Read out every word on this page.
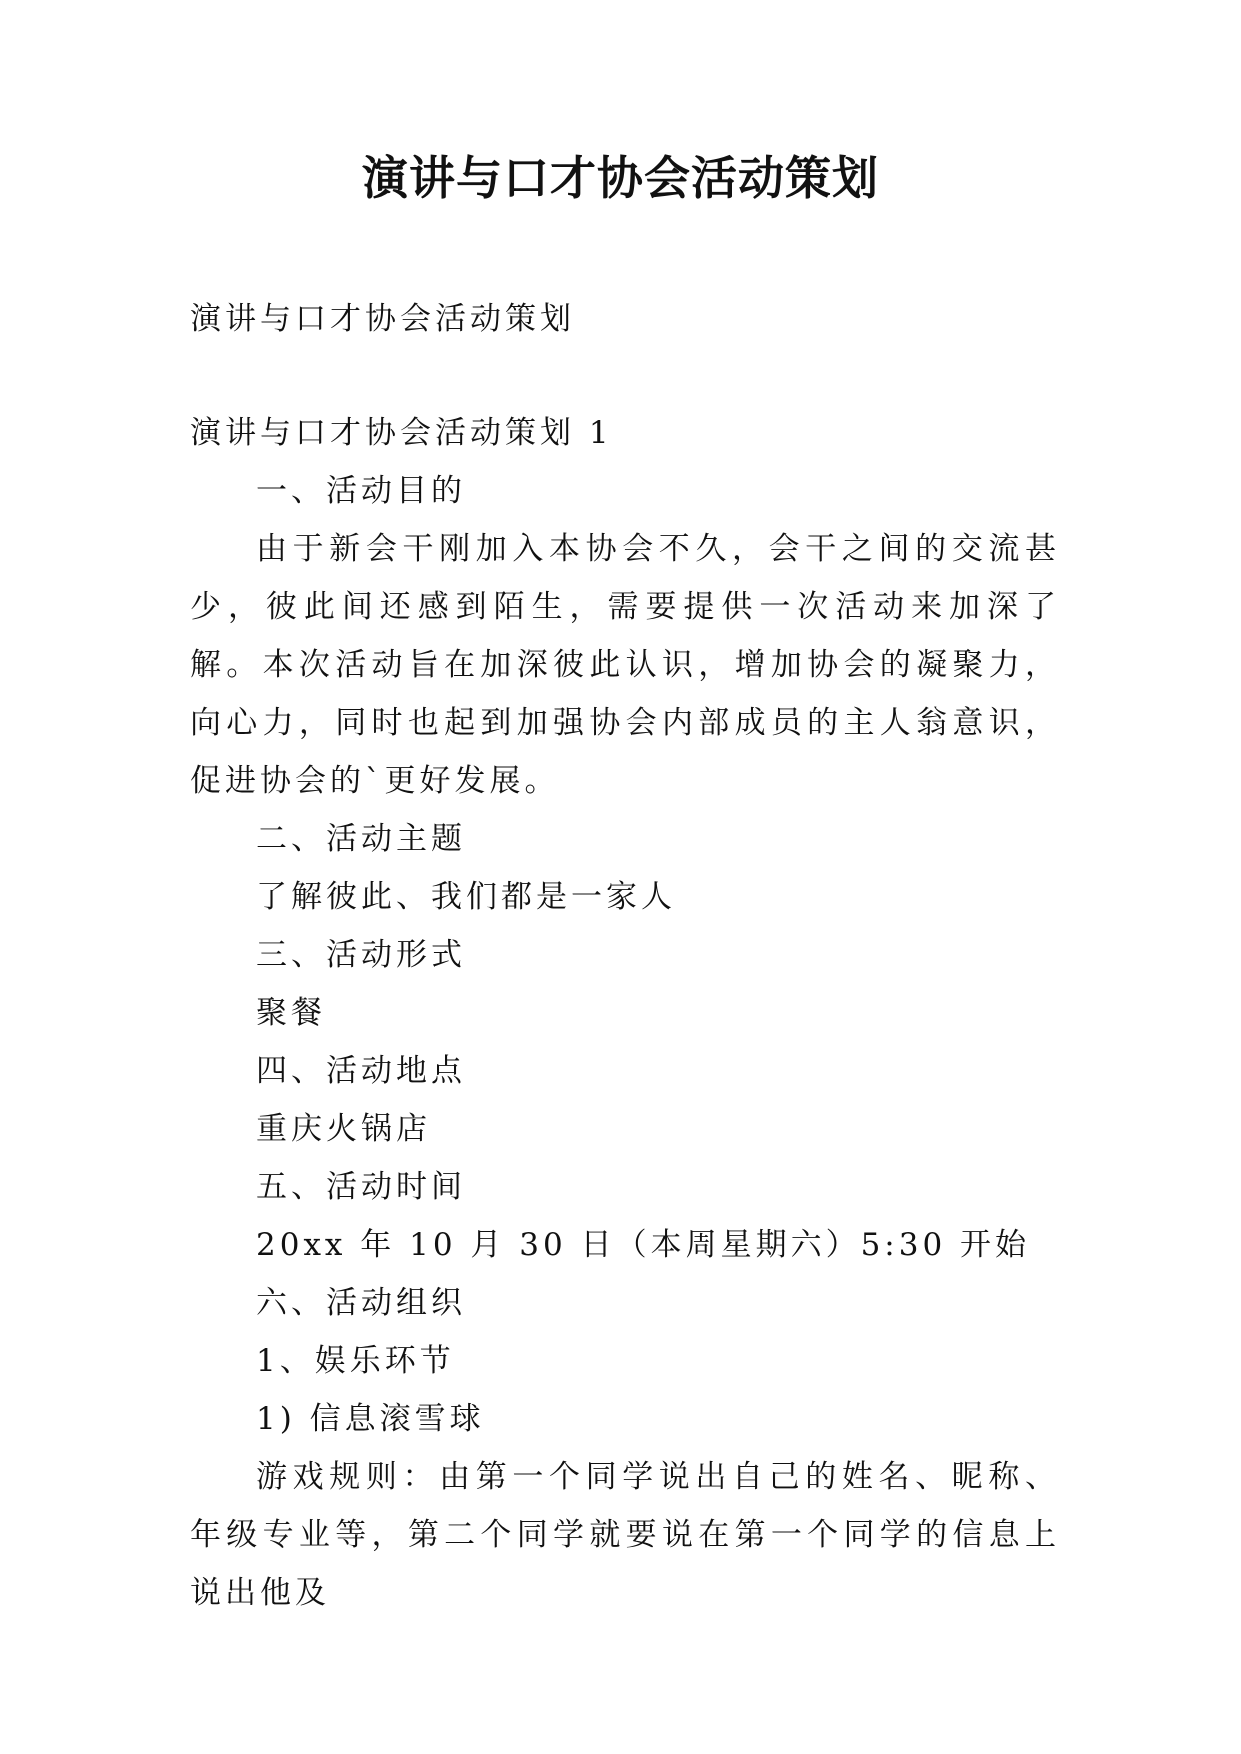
演讲与口才协会活动策划
演讲与口才协会活动策划
演讲与口才协会活动策划 1
一、活动目的
由于新会干刚加入本协会不久，会干之间的交流甚少，彼此间还感到陌生，需要提供一次活动来加深了解。本次活动旨在加深彼此认识，增加协会的凝聚力，向心力，同时也起到加强协会内部成员的主人翁意识，促进协会的`更好发展。
二、活动主题
了解彼此、我们都是一家人
三、活动形式
聚餐
四、活动地点
重庆火锅店
五、活动时间
20xx 年 10 月 30 日（本周星期六）5:30 开始
六、活动组织
1、娱乐环节
1) 信息滚雪球
游戏规则：由第一个同学说出自己的姓名、昵称、年级专业等，第二个同学就要说在第一个同学的信息上说出他及
